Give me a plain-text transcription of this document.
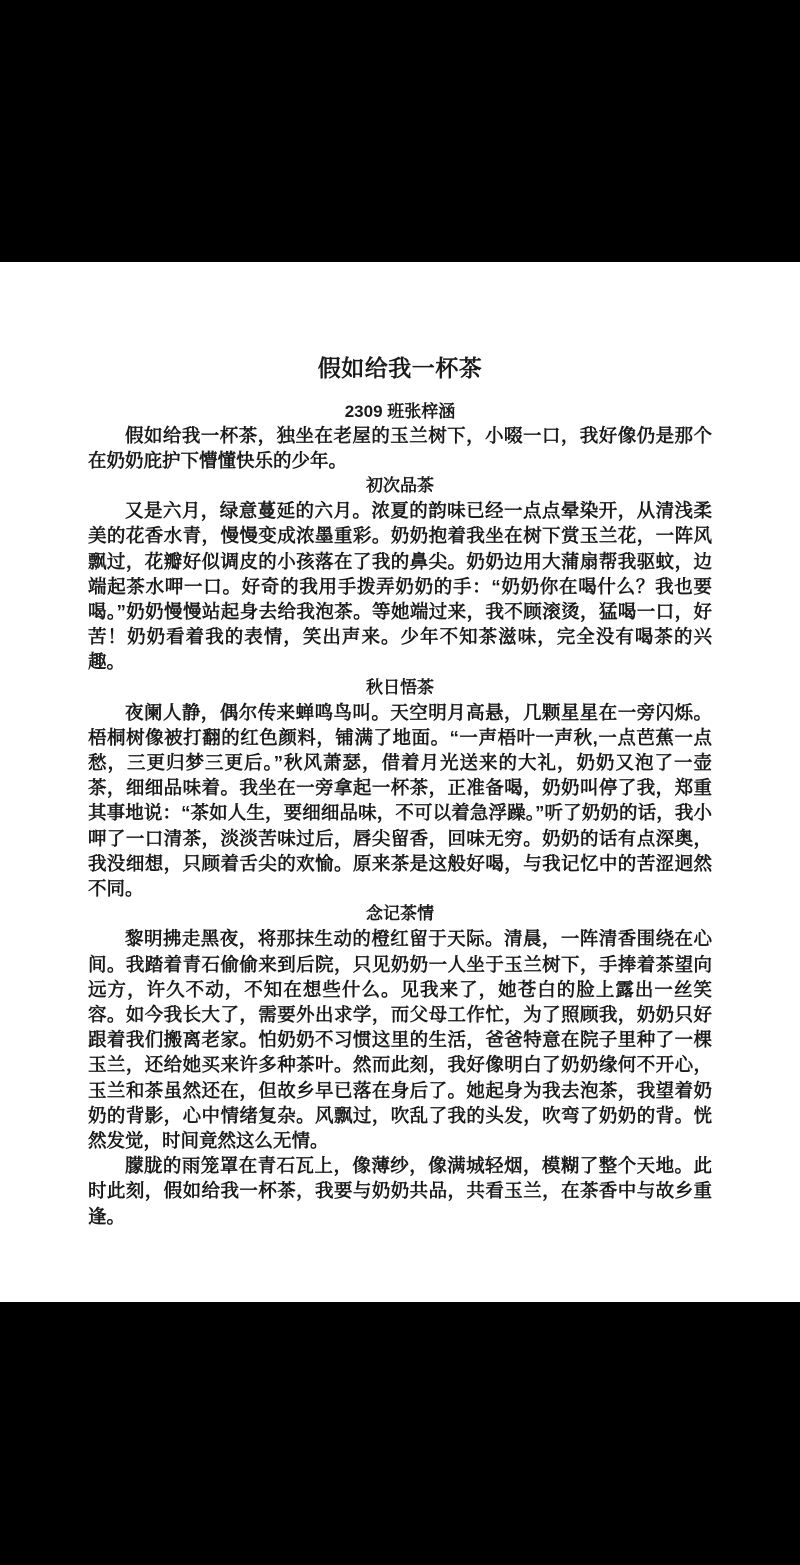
假如给我一杯茶
2309 班张梓涵

假如给我一杯茶，独坐在老屋的玉兰树下，小啜一口，我好像仍是那个在奶奶庇护下懵懂快乐的少年。

初次品茶

又是六月，绿意蔓延的六月。浓夏的韵味已经一点点晕染开，从清浅柔美的花香水青，慢慢变成浓墨重彩。奶奶抱着我坐在树下赏玉兰花，一阵风飘过，花瓣好似调皮的小孩落在了我的鼻尖。奶奶边用大蒲扇帮我驱蚊，边端起茶水呷一口。好奇的我用手拨弄奶奶的手：“奶奶你在喝什么？我也要喝。”奶奶慢慢站起身去给我泡茶。等她端过来，我不顾滚烫，猛喝一口，好苦！奶奶看着我的表情，笑出声来。少年不知茶滋味，完全没有喝茶的兴趣。

秋日悟茶

夜阑人静，偶尔传来蝉鸣鸟叫。天空明月高悬，几颗星星在一旁闪烁。梧桐树像被打翻的红色颜料，铺满了地面。“一声梧叶一声秋,一点芭蕉一点愁，三更归梦三更后。”秋风萧瑟，借着月光送来的大礼，奶奶又泡了一壶茶，细细品味着。我坐在一旁拿起一杯茶，正准备喝，奶奶叫停了我，郑重其事地说：“茶如人生，要细细品味，不可以着急浮躁。”听了奶奶的话，我小呷了一口清茶，淡淡苦味过后，唇尖留香，回味无穷。奶奶的话有点深奥，我没细想，只顾着舌尖的欢愉。原来茶是这般好喝，与我记忆中的苦涩迥然不同。

念记茶情

黎明拂走黑夜，将那抹生动的橙红留于天际。清晨，一阵清香围绕在心间。我踏着青石偷偷来到后院，只见奶奶一人坐于玉兰树下，手捧着茶望向远方，许久不动，不知在想些什么。见我来了，她苍白的脸上露出一丝笑容。如今我长大了，需要外出求学，而父母工作忙，为了照顾我，奶奶只好跟着我们搬离老家。怕奶奶不习惯这里的生活，爸爸特意在院子里种了一棵玉兰，还给她买来许多种茶叶。然而此刻，我好像明白了奶奶缘何不开心，玉兰和茶虽然还在，但故乡早已落在身后了。她起身为我去泡茶，我望着奶奶的背影，心中情绪复杂。风飘过，吹乱了我的头发，吹弯了奶奶的背。恍然发觉，时间竟然这么无情。

朦胧的雨笼罩在青石瓦上，像薄纱，像满城轻烟，模糊了整个天地。此时此刻，假如给我一杯茶，我要与奶奶共品，共看玉兰，在茶香中与故乡重逢。
